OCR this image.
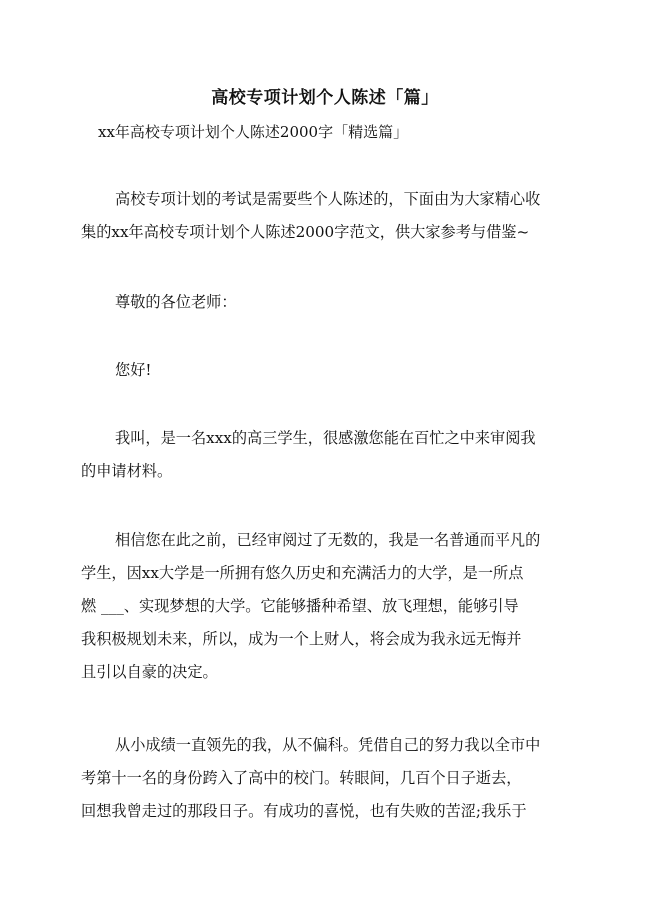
高校专项计划个人陈述「篇」
xx年高校专项计划个人陈述2000字「精选篇」
高校专项计划的考试是需要些个人陈述的，下面由为大家精心收
集的xx年高校专项计划个人陈述2000字范文，供大家参考与借鉴~
尊敬的各位老师：
您好!
我叫，是一名xxx的高三学生，很感激您能在百忙之中来审阅我
的申请材料。
相信您在此之前，已经审阅过了无数的，我是一名普通而平凡的
学生，因xx大学是一所拥有悠久历史和充满活力的大学，是一所点
燃 ___、实现梦想的大学。它能够播种希望、放飞理想，能够引导
我积极规划未来，所以，成为一个上财人，将会成为我永远无悔并
且引以自豪的决定。
从小成绩一直领先的我，从不偏科。凭借自己的努力我以全市中
考第十一名的身份跨入了高中的校门。转眼间，几百个日子逝去，
回想我曾走过的那段日子。有成功的喜悦，也有失败的苦涩;我乐于
